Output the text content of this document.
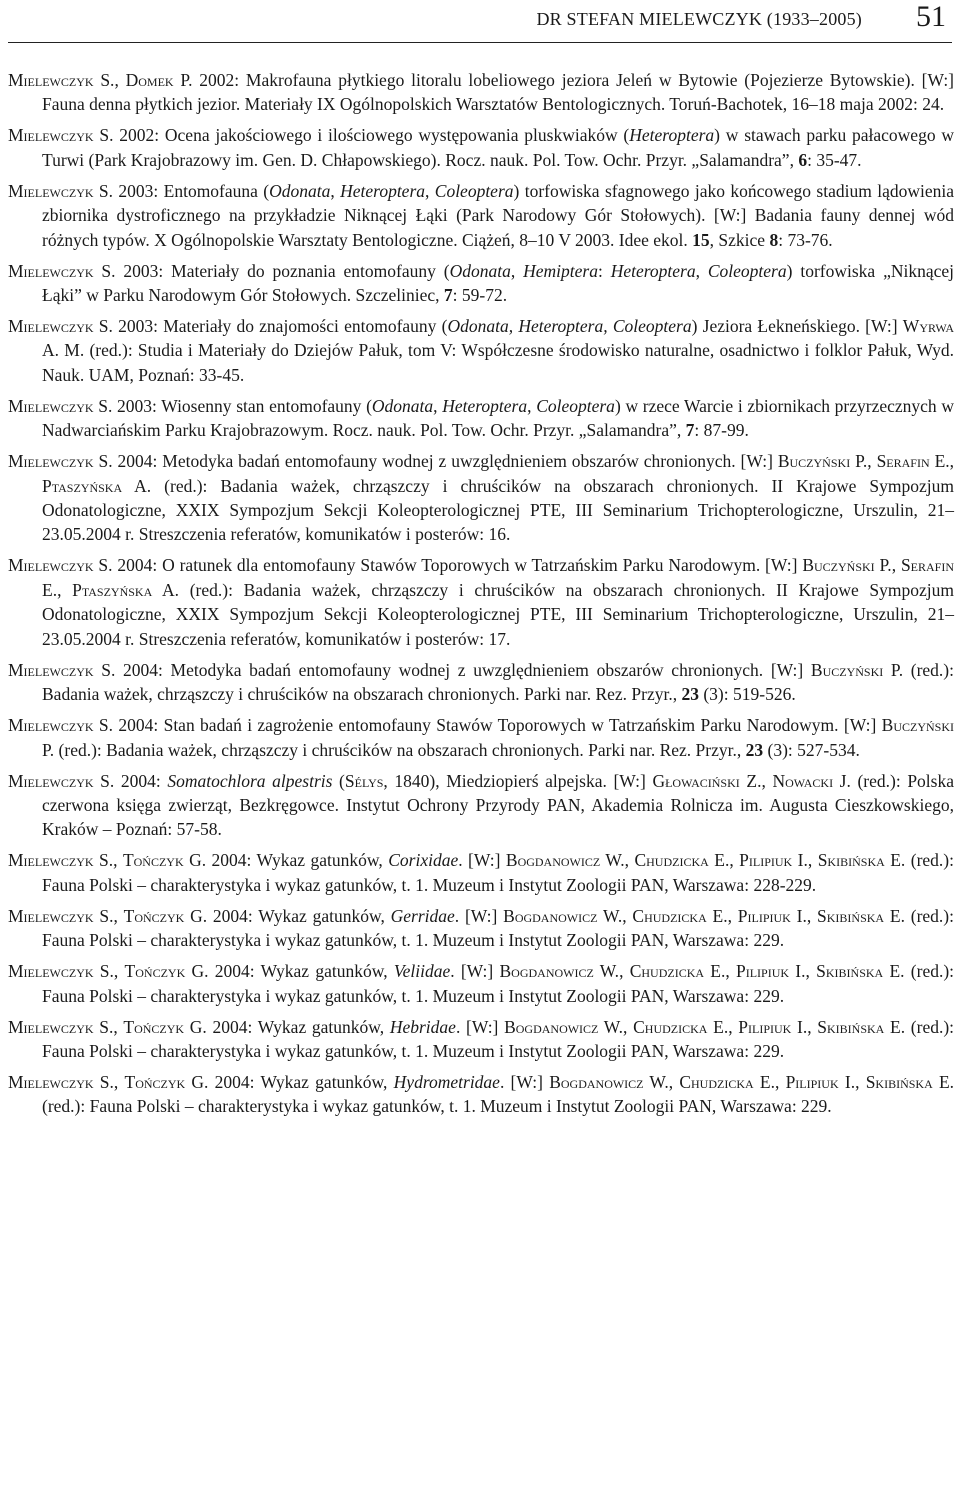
DR STEFAN MIELEWCZYK (1933–2005) 51

Mielewczyk S., Domek P. 2002: Makrofauna płytkiego litoralu lobeliowego jeziora Jeleń w Bytowie (Pojezierze Bytowskie). [W:] Fauna denna płytkich jezior. Materiały IX Ogólnopolskich Warsztatów Bentologicznych. Toruń-Bachotek, 16–18 maja 2002: 24.

Mielewczyk S. 2002: Ocena jakościowego i ilościowego występowania pluskwiaków (Heteroptera) w stawach parku pałacowego w Turwi (Park Krajobrazowy im. Gen. D. Chłapowskiego). Rocz. nauk. Pol. Tow. Ochr. Przyr. „Salamandra”, 6: 35-47.

Mielewczyk S. 2003: Entomofauna (Odonata, Heteroptera, Coleoptera) torfowiska sfagnowego jako końcowego stadium lądowienia zbiornika dystroficznego na przykładzie Niknącej Łąki (Park Narodowy Gór Stołowych). [W:] Badania fauny dennej wód różnych typów. X Ogólnopolskie Warsztaty Bentologiczne. Ciążeń, 8–10 V 2003. Idee ekol. 15, Szkice 8: 73-76.

Mielewczyk S. 2003: Materiały do poznania entomofauny (Odonata, Hemiptera: Heteroptera, Coleoptera) torfowiska „Niknącej Łąki” w Parku Narodowym Gór Stołowych. Szczeliniec, 7: 59-72.

Mielewczyk S. 2003: Materiały do znajomości entomofauny (Odonata, Heteroptera, Coleoptera) Jeziora Łekneńskiego. [W:] Wyrwa A. M. (red.): Studia i Materiały do Dziejów Pałuk, tom V: Współczesne środowisko naturalne, osadnictwo i folklor Pałuk, Wyd. Nauk. UAM, Poznań: 33-45.

Mielewczyk S. 2003: Wiosenny stan entomofauny (Odonata, Heteroptera, Coleoptera) w rzece Warcie i zbiornikach przyrzecznych w Nadwarciańskim Parku Krajobrazowym. Rocz. nauk. Pol. Tow. Ochr. Przyr. „Salamandra”, 7: 87-99.

Mielewczyk S. 2004: Metodyka badań entomofauny wodnej z uwzględnieniem obszarów chronionych. [W:] Buczyński P., Serafin E., Ptaszyńska A. (red.): Badania ważek, chrząszczy i chruścików na obszarach chronionych. II Krajowe Sympozjum Odonatologiczne, XXIX Sympozjum Sekcji Koleopterologicznej PTE, III Seminarium Trichopterologiczne, Urszulin, 21–23.05.2004 r. Streszczenia referatów, komunikatów i posterów: 16.

Mielewczyk S. 2004: O ratunek dla entomofauny Stawów Toporowych w Tatrzańskim Parku Narodowym. [W:] Buczyński P., Serafin E., Ptaszyńska A. (red.): Badania ważek, chrząszczy i chruścików na obszarach chronionych. II Krajowe Sympozjum Odonatologiczne, XXIX Sympozjum Sekcji Koleopterologicznej PTE, III Seminarium Trichopterologiczne, Urszulin, 21–23.05.2004 r. Streszczenia referatów, komunikatów i posterów: 17.

Mielewczyk S. 2004: Metodyka badań entomofauny wodnej z uwzględnieniem obszarów chronionych. [W:] Buczyński P. (red.): Badania ważek, chrząszczy i chruścików na obszarach chronionych. Parki nar. Rez. Przyr., 23 (3): 519-526.

Mielewczyk S. 2004: Stan badań i zagrożenie entomofauny Stawów Toporowych w Tatrzańskim Parku Narodowym. [W:] Buczyński P. (red.): Badania ważek, chrząszczy i chruścików na obszarach chronionych. Parki nar. Rez. Przyr., 23 (3): 527-534.

Mielewczyk S. 2004: Somatochlora alpestris (Sélys, 1840), Miedziopierś alpejska. [W:] Głowaciński Z., Nowacki J. (red.): Polska czerwona księga zwierząt, Bezkręgowce. Instytut Ochrony Przyrody PAN, Akademia Rolnicza im. Augusta Cieszkowskiego, Kraków – Poznań: 57-58.

Mielewczyk S., Tończyk G. 2004: Wykaz gatunków, Corixidae. [W:] Bogdanowicz W., Chudzicka E., Pilipiuk I., Skibińska E. (red.): Fauna Polski – charakterystyka i wykaz gatunków, t. 1. Muzeum i Instytut Zoologii PAN, Warszawa: 228-229.

Mielewczyk S., Tończyk G. 2004: Wykaz gatunków, Gerridae. [W:] Bogdanowicz W., Chudzicka E., Pilipiuk I., Skibińska E. (red.): Fauna Polski – charakterystyka i wykaz gatunków, t. 1. Muzeum i Instytut Zoologii PAN, Warszawa: 229.

Mielewczyk S., Tończyk G. 2004: Wykaz gatunków, Veliidae. [W:] Bogdanowicz W., Chudzicka E., Pilipiuk I., Skibińska E. (red.): Fauna Polski – charakterystyka i wykaz gatunków, t. 1. Muzeum i Instytut Zoologii PAN, Warszawa: 229.

Mielewczyk S., Tończyk G. 2004: Wykaz gatunków, Hebridae. [W:] Bogdanowicz W., Chudzicka E., Pilipiuk I., Skibińska E. (red.): Fauna Polski – charakterystyka i wykaz gatunków, t. 1. Muzeum i Instytut Zoologii PAN, Warszawa: 229.

Mielewczyk S., Tończyk G. 2004: Wykaz gatunków, Hydrometridae. [W:] Bogdanowicz W., Chudzicka E., Pilipiuk I., Skibińska E. (red.): Fauna Polski – charakterystyka i wykaz gatunków, t. 1. Muzeum i Instytut Zoologii PAN, Warszawa: 229.
